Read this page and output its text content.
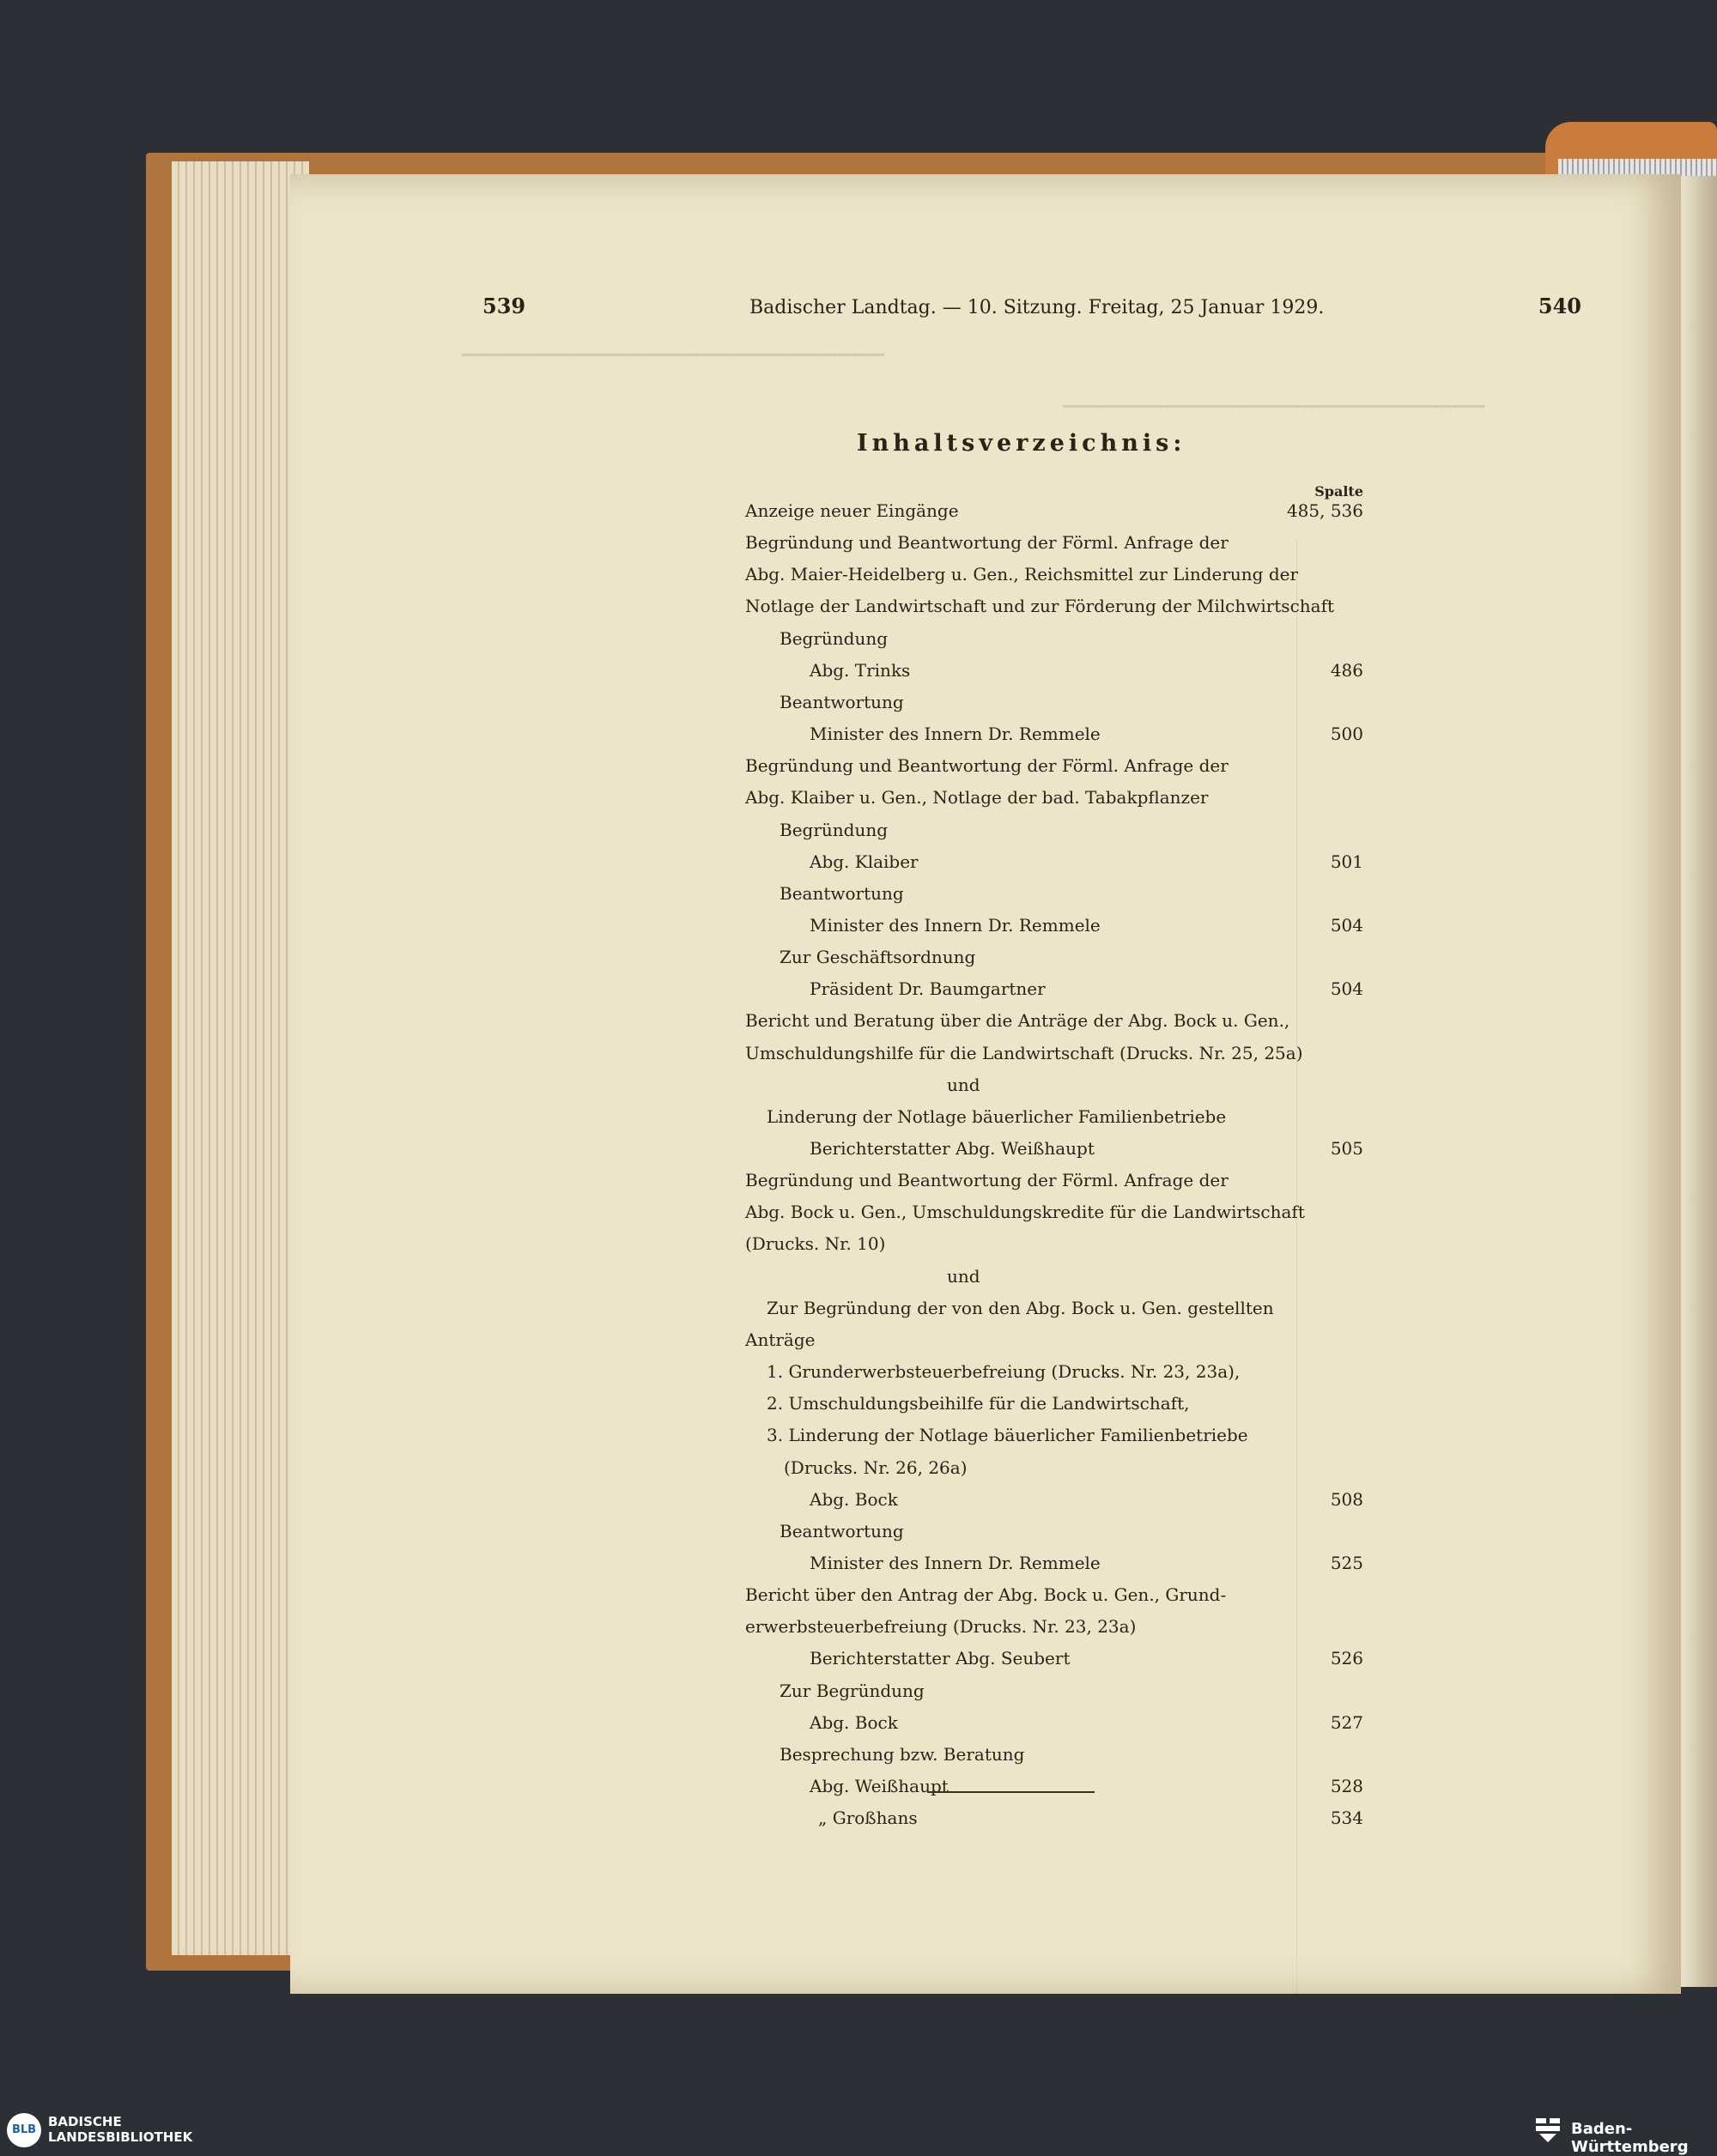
━━━━━━━━━━━━━━━━━━━━━━━━━━━━━━━━━━━━━━━━━━━
━━━━━━━━━━━━━━━━━━━━━━━━━━━━━━━━━━━━━━━━━━━
539	Badischer Landtag. — 10. Sitzung. Freitag, 25 Januar 1929.	540
Inhaltsverzeichnis:
Spalte
Anzeige neuer Eingänge	485, 536
Begründung und Beantwortung der Förml. Anfrage der
Abg. Maier-Heidelberg u. Gen., Reichsmittel zur Linderung der
Notlage der Landwirtschaft und zur Förderung der Milchwirtschaft
Begründung
Abg. Trinks	486
Beantwortung
Minister des Innern Dr. Remmele	500
Begründung und Beantwortung der Förml. Anfrage der
Abg. Klaiber u. Gen., Notlage der bad. Tabakpflanzer
Begründung
Abg. Klaiber	501
Beantwortung
Minister des Innern Dr. Remmele	504
Zur Geschäftsordnung
Präsident Dr. Baumgartner	504
Bericht und Beratung über die Anträge der Abg. Bock u. Gen.,
Umschuldungshilfe für die Landwirtschaft (Drucks. Nr. 25, 25a)
und
Linderung der Notlage bäuerlicher Familienbetriebe
Berichterstatter Abg. Weißhaupt	505
Begründung und Beantwortung der Förml. Anfrage der
Abg. Bock u. Gen., Umschuldungskredite für die Landwirtschaft
(Drucks. Nr. 10)
und
Zur Begründung der von den Abg. Bock u. Gen. gestellten
Anträge
1. Grunderwerbsteuerbefreiung (Drucks. Nr. 23, 23a),
2. Umschuldungsbeihilfe für die Landwirtschaft,
3. Linderung der Notlage bäuerlicher Familienbetriebe
(Drucks. Nr. 26, 26a)
Abg. Bock	508
Beantwortung
Minister des Innern Dr. Remmele	525
Bericht über den Antrag der Abg. Bock u. Gen., Grund-
erwerbsteuerbefreiung (Drucks. Nr. 23, 23a)
Berichterstatter Abg. Seubert	526
Zur Begründung
Abg. Bock	527
Besprechung bzw. Beratung
Abg. Weißhaupt	528
„ Großhans	534
BLB
BADISCHE
LANDESBIBLIOTHEK	Baden-Württemberg
